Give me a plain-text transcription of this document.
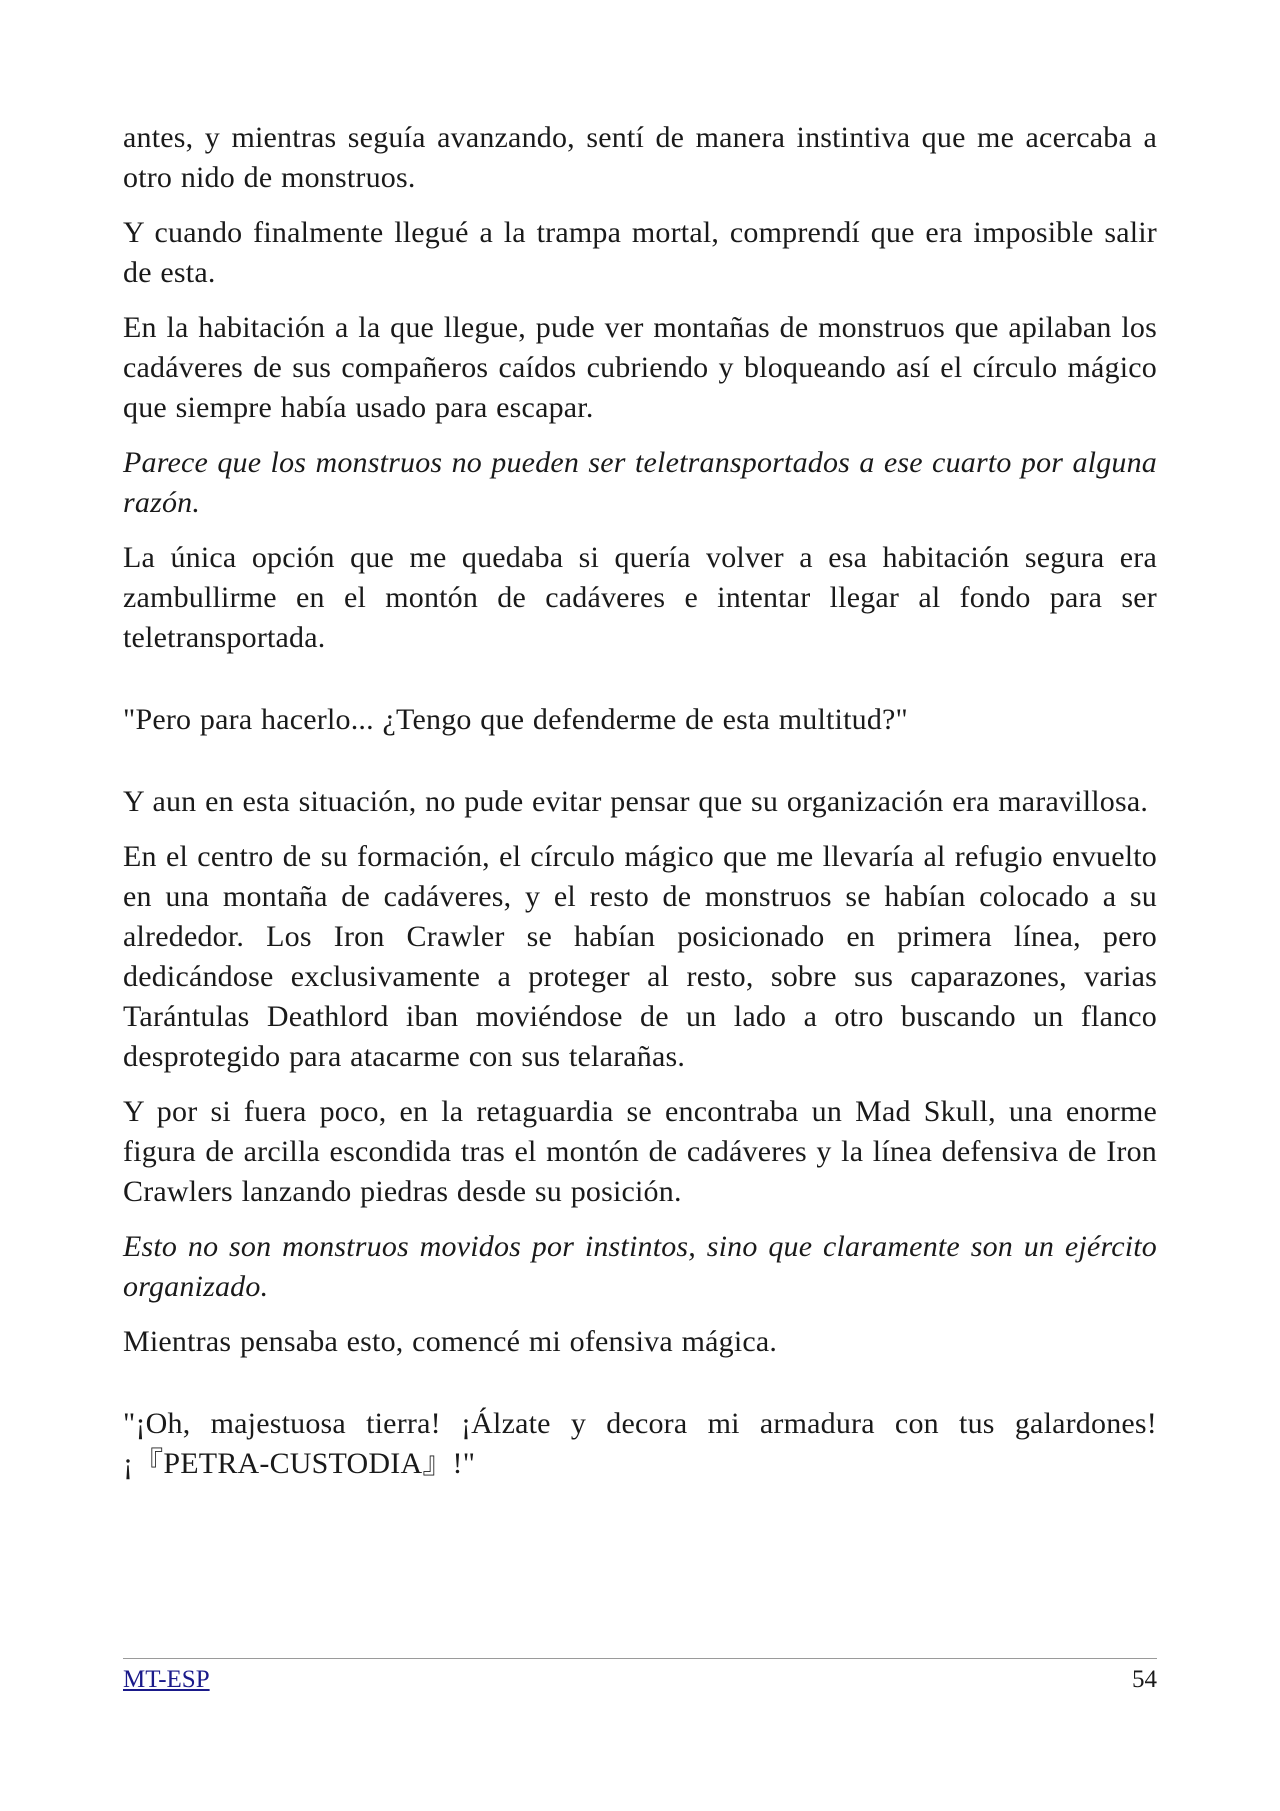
antes, y mientras seguía avanzando, sentí de manera instintiva que me acercaba a otro nido de monstruos.

Y cuando finalmente llegué a la trampa mortal, comprendí que era imposible salir de esta.

En la habitación a la que llegue, pude ver montañas de monstruos que apilaban los cadáveres de sus compañeros caídos cubriendo y bloqueando así el círculo mágico que siempre había usado para escapar.

Parece que los monstruos no pueden ser teletransportados a ese cuarto por alguna razón.

La única opción que me quedaba si quería volver a esa habitación segura era zambullirme en el montón de cadáveres e intentar llegar al fondo para ser teletransportada.

"Pero para hacerlo... ¿Tengo que defenderme de esta multitud?"

Y aun en esta situación, no pude evitar pensar que su organización era maravillosa.

En el centro de su formación, el círculo mágico que me llevaría al refugio envuelto en una montaña de cadáveres, y el resto de monstruos se habían colocado a su alrededor. Los Iron Crawler se habían posicionado en primera línea, pero dedicándose exclusivamente a proteger al resto, sobre sus caparazones, varias Tarántulas Deathlord iban moviéndose de un lado a otro buscando un flanco desprotegido para atacarme con sus telarañas.

Y por si fuera poco, en la retaguardia se encontraba un Mad Skull, una enorme figura de arcilla escondida tras el montón de cadáveres y la línea defensiva de Iron Crawlers lanzando piedras desde su posición.

Esto no son monstruos movidos por instintos, sino que claramente son un ejército organizado.

Mientras pensaba esto, comencé mi ofensiva mágica.

"¡Oh, majestuosa tierra! ¡Álzate y decora mi armadura con tus galardones! ¡『PETRA-CUSTODIA』!"

MT-ESP	54
